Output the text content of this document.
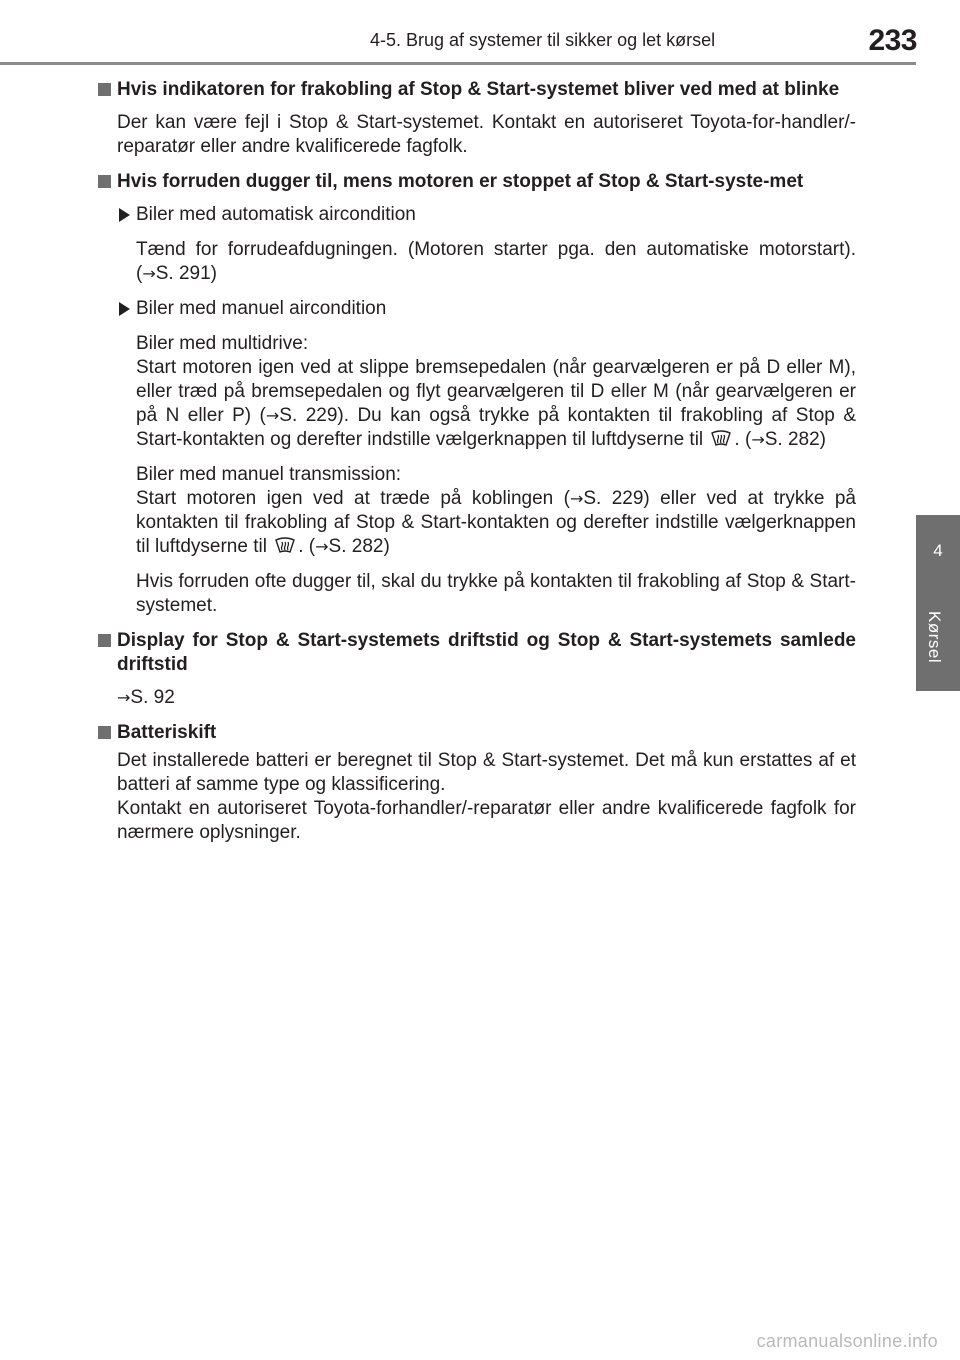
4-5. Brug af systemer til sikker og let kørsel	233
4
Kørsel
Hvis indikatoren for frakobling af Stop & Start-systemet bliver ved med at blinke
Der kan være fejl i Stop & Start-systemet. Kontakt en autoriseret Toyota-for-handler/-reparatør eller andre kvalificerede fagfolk.
Hvis forruden dugger til, mens motoren er stoppet af Stop & Start-syste-met
Biler med automatisk aircondition
Tænd for forrudeafdugningen. (Motoren starter pga. den automatiske motorstart). (→S. 291)
Biler med manuel aircondition
Biler med multidrive:
Start motoren igen ved at slippe bremsepedalen (når gearvælgeren er på D eller M), eller træd på bremsepedalen og flyt gearvælgeren til D eller M (når gearvælgeren er på N eller P) (→S. 229). Du kan også trykke på kontakten til frakobling af Stop & Start-kontakten og derefter indstille vælgerknappen til luftdyserne til . (→S. 282)
Biler med manuel transmission:
Start motoren igen ved at træde på koblingen (→S. 229) eller ved at trykke på kontakten til frakobling af Stop & Start-kontakten og derefter indstille vælgerknappen til luftdyserne til . (→S. 282)
Hvis forruden ofte dugger til, skal du trykke på kontakten til frakobling af Stop & Start-systemet.
Display for Stop & Start-systemets driftstid og Stop & Start-systemets samlede driftstid
→S. 92
Batteriskift
Det installerede batteri er beregnet til Stop & Start-systemet. Det må kun erstattes af et batteri af samme type og klassificering.
Kontakt en autoriseret Toyota-forhandler/-reparatør eller andre kvalificerede fagfolk for nærmere oplysninger.
carmanualsonline.info
